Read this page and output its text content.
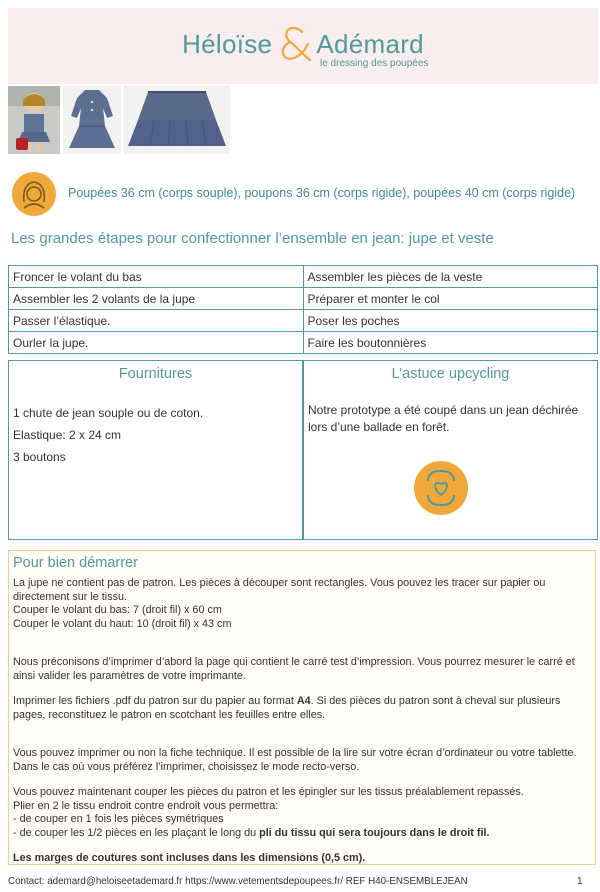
Héloïse Adémard
le dressing des poupées
Poupées 36 cm (corps souple), poupons 36 cm (corps rigide), poupées 40 cm (corps rigide)
Les grandes étapes pour confectionner l’ensemble en jean: jupe et veste
Froncer le volant du bas	Assembler les pièces de la veste
Assembler les 2 volants de la jupe	Préparer et monter le col
Passer l’élastique.	Poser les poches
Ourler la jupe.	Faire les boutonnières
Fournitures

1 chute de jean souple ou de coton.

Elastique: 2 x 24 cm

3 boutons

L’astuce upcycling

Notre prototype a été coupé dans un jean déchirée lors d’une ballade en forêt.

Pour bien démarrer

La jupe ne contient pas de patron. Les pièces à découper sont rectangles. Vous pouvez les tracer sur papier ou directement sur le tissu.

Couper le volant du bas: 7 (droit fil) x 60 cm

Couper le volant du haut: 10 (droit fil) x 43 cm

Nous préconisons d’imprimer d’abord la page qui contient le carré test d’impression. Vous pourrez mesurer le carré et ainsi valider les paramètres de votre imprimante.

Imprimer les fichiers .pdf du patron sur du papier au format A4. Si des pièces du patron sont à cheval sur plusieurs pages, reconstituez le patron en scotchant les feuilles entre elles.

Vous pouvez imprimer ou non la fiche technique. Il est possible de la lire sur votre écran d’ordinateur ou votre tablette. Dans le cas où vous préférez l’imprimer, choisissez le mode recto-verso.

Vous pouvez maintenant couper les pièces du patron et les épingler sur les tissus préalablement repassés.

Plier en 2 le tissu endroit contre endroit vous permettra:

- de couper en 1 fois les pièces symétriques

- de couper les 1/2 pièces en les plaçant le long du pli du tissu qui sera toujours dans le droit fil.

Les marges de coutures sont incluses dans les dimensions (0,5 cm).

Contact: ademard@heloiseetademard.fr https://www.vetementsdepoupees.fr/ REF H40-ENSEMBLEJEAN	1
